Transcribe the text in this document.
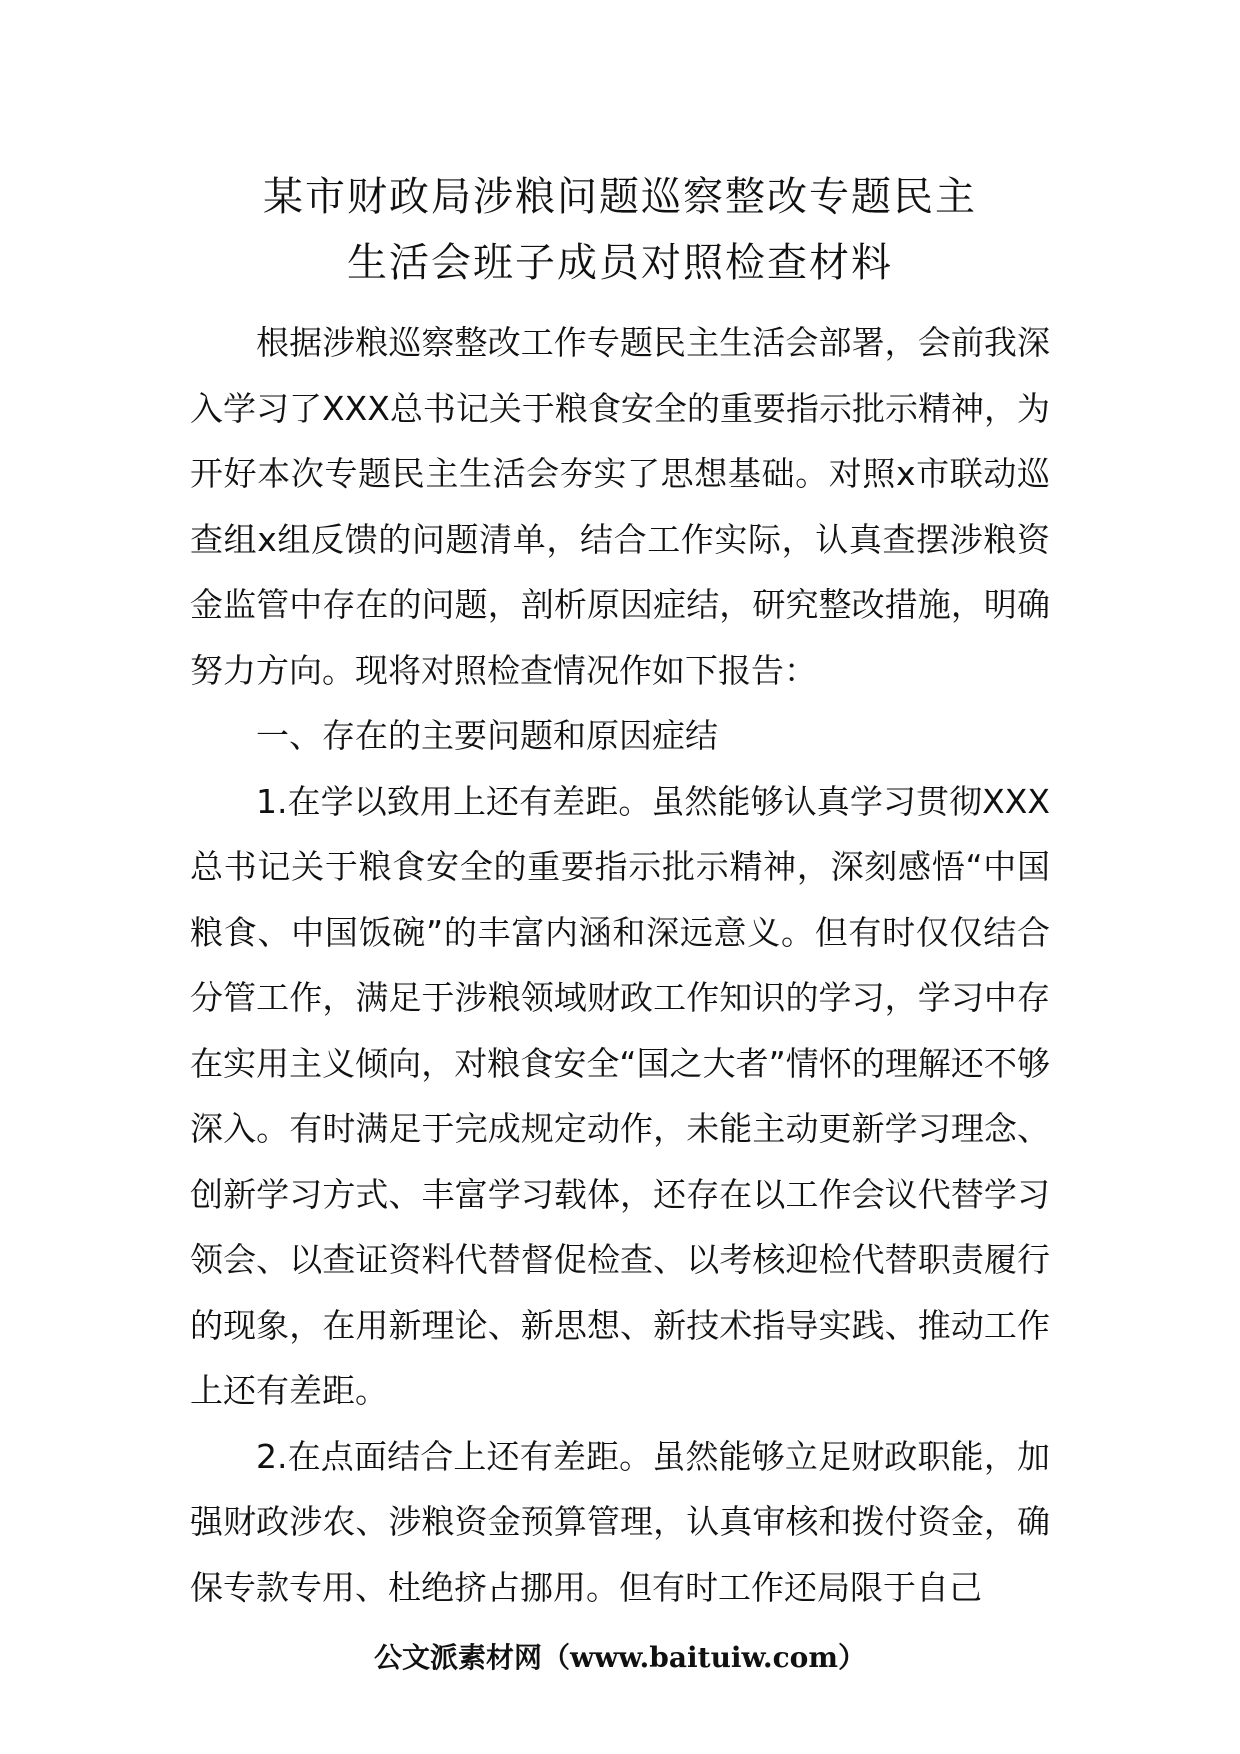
某市财政局涉粮问题巡察整改专题民主
生活会班子成员对照检查材料

根据涉粮巡察整改工作专题民主生活会部署，会前我深入学习了XXX总书记关于粮食安全的重要指示批示精神，为开好本次专题民主生活会夯实了思想基础。对照x市联动巡查组x组反馈的问题清单，结合工作实际，认真查摆涉粮资金监管中存在的问题，剖析原因症结，研究整改措施，明确努力方向。现将对照检查情况作如下报告：

一、存在的主要问题和原因症结

1.在学以致用上还有差距。虽然能够认真学习贯彻XXX总书记关于粮食安全的重要指示批示精神，深刻感悟“中国粮食、中国饭碗”的丰富内涵和深远意义。但有时仅仅结合分管工作，满足于涉粮领域财政工作知识的学习，学习中存在实用主义倾向，对粮食安全“国之大者”情怀的理解还不够深入。有时满足于完成规定动作，未能主动更新学习理念、创新学习方式、丰富学习载体，还存在以工作会议代替学习领会、以查证资料代替督促检查、以考核迎检代替职责履行的现象，在用新理论、新思想、新技术指导实践、推动工作上还有差距。

2.在点面结合上还有差距。虽然能够立足财政职能，加强财政涉农、涉粮资金预算管理，认真审核和拨付资金，确保专款专用、杜绝挤占挪用。但有时工作还局限于自己

公文派素材网（www.baituiw.com）
